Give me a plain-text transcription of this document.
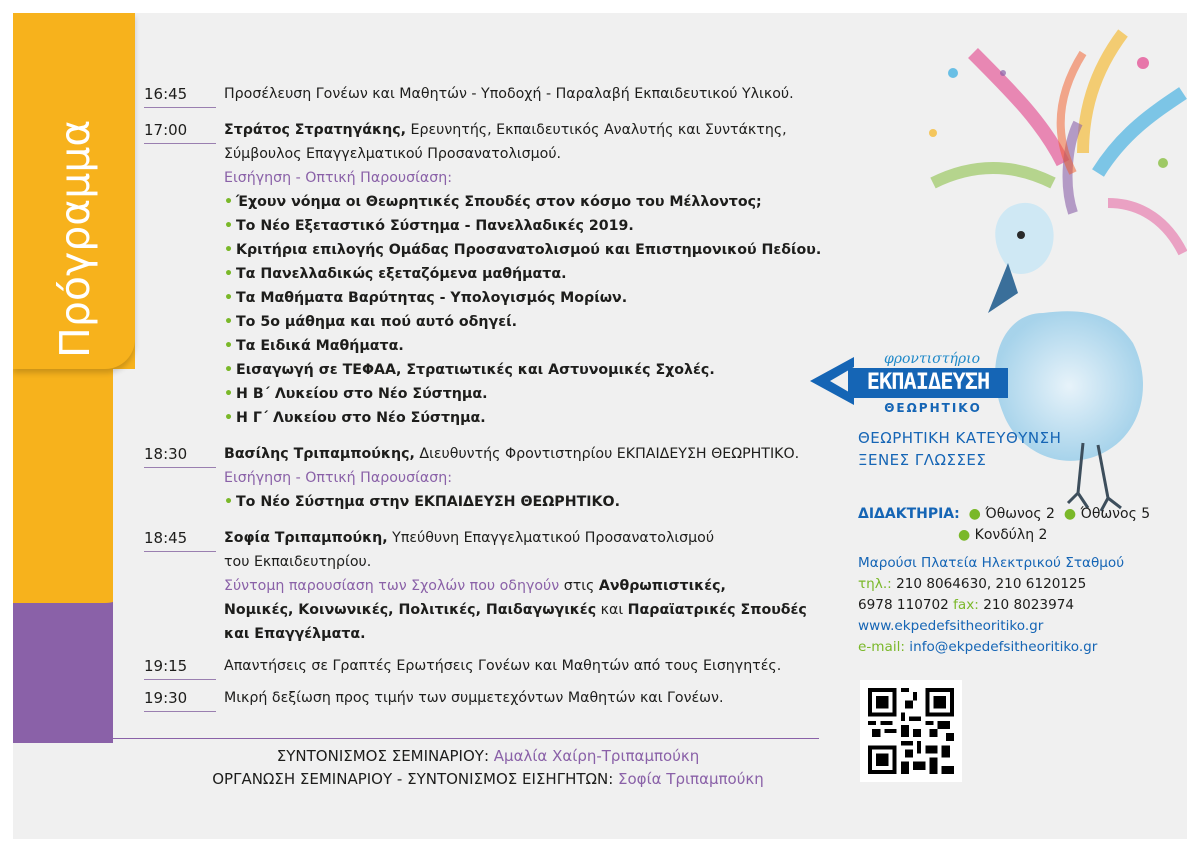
Πρόγραμμα
φροντιστήριο
ΕΚΠΑΙΔΕΥΣΗ
ΘΕΩΡΗΤΙΚΟ
ΘΕΩΡΗΤΙΚΗ ΚΑΤΕΥΘΥΝΣΗ
ΞΕΝΕΣ ΓΛΩΣΣΕΣ
ΔΙΔΑΚΤΗΡΙΑ: ● Όθωνος 2 ● Όθωνος 5
● Κονδύλη 2
Μαρούσι Πλατεία Ηλεκτρικού Σταθμού
τηλ.: 210 8064630, 210 6120125
6978 110702 fax: 210 8023974
www.ekpedefsitheoritiko.gr
e-mail: info@ekpedefsitheoritiko.gr
16:45	Προσέλευση Γονέων και Μαθητών - Υποδοχή - Παραλαβή Εκπαιδευτικού Υλικού.
17:00	Στράτος Στρατηγάκης, Ερευνητής, Εκπαιδευτικός Αναλυτής και Συντάκτης,
Σύμβουλος Επαγγελματικού Προσανατολισμού.
Εισήγηση - Οπτική Παρουσίαση:
• Έχουν νόημα οι Θεωρητικές Σπουδές στον κόσμο του Μέλλοντος;
• Το Νέο Εξεταστικό Σύστημα - Πανελλαδικές 2019.
• Κριτήρια επιλογής Ομάδας Προσανατολισμού και Επιστημονικού Πεδίου.
• Τα Πανελλαδικώς εξεταζόμενα μαθήματα.
• Τα Μαθήματα Βαρύτητας - Υπολογισμός Μορίων.
• Το 5ο μάθημα και πού αυτό οδηγεί.
• Τα Ειδικά Μαθήματα.
• Εισαγωγή σε ΤΕΦΑΑ, Στρατιωτικές και Αστυνομικές Σχολές.
• Η Β΄ Λυκείου στο Νέο Σύστημα.
• Η Γ΄ Λυκείου στο Νέο Σύστημα.
18:30	Βασίλης Τριπαμπούκης, Διευθυντής Φροντιστηρίου ΕΚΠΑΙΔΕΥΣΗ ΘΕΩΡΗΤΙΚΟ.
Εισήγηση - Οπτική Παρουσίαση:
• Το Νέο Σύστημα στην ΕΚΠΑΙΔΕΥΣΗ ΘΕΩΡΗΤΙΚΟ.
18:45	Σοφία Τριπαμπούκη, Υπεύθυνη Επαγγελματικού Προσανατολισμού
του Εκπαιδευτηρίου.
Σύντομη παρουσίαση των Σχολών που οδηγούν στις Ανθρωπιστικές,
Νομικές, Κοινωνικές, Πολιτικές, Παιδαγωγικές και Παραϊατρικές Σπουδές
και Επαγγέλματα.
19:15	Απαντήσεις σε Γραπτές Ερωτήσεις Γονέων και Μαθητών από τους Εισηγητές.
19:30	Μικρή δεξίωση προς τιμήν των συμμετεχόντων Μαθητών και Γονέων.
ΣΥΝΤΟΝΙΣΜΟΣ ΣΕΜΙΝΑΡΙΟΥ: Αμαλία Χαίρη-Τριπαμπούκη
ΟΡΓΑΝΩΣΗ ΣΕΜΙΝΑΡΙΟΥ - ΣΥΝΤΟΝΙΣΜΟΣ ΕΙΣΗΓΗΤΩΝ: Σοφία Τριπαμπούκη
